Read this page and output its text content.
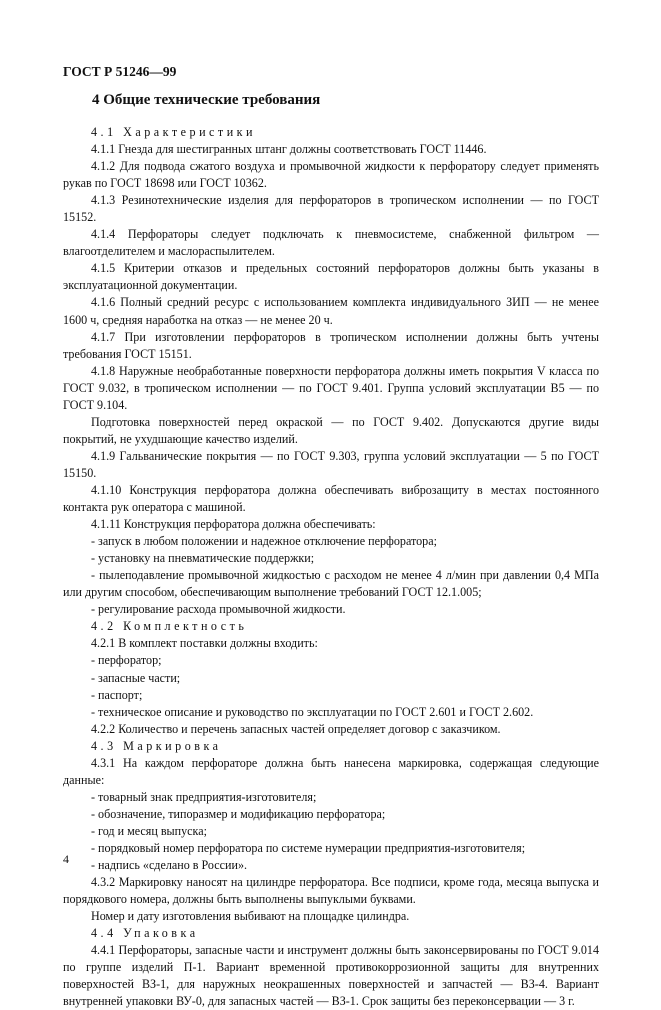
ГОСТ Р 51246—99
4 Общие технические требования

4.1 Характеристики

4.1.1 Гнезда для шестигранных штанг должны соответствовать ГОСТ 11446.

4.1.2 Для подвода сжатого воздуха и промывочной жидкости к перфоратору следует применять рукав по ГОСТ 18698 или ГОСТ 10362.

4.1.3 Резинотехнические изделия для перфораторов в тропическом исполнении — по ГОСТ 15152.

4.1.4 Перфораторы следует подключать к пневмосистеме, снабженной фильтром — влагоотделителем и маслораспылителем.

4.1.5 Критерии отказов и предельных состояний перфораторов должны быть указаны в эксплуатационной документации.

4.1.6 Полный средний ресурс с использованием комплекта индивидуального ЗИП — не менее 1600 ч, средняя наработка на отказ — не менее 20 ч.

4.1.7 При изготовлении перфораторов в тропическом исполнении должны быть учтены требования ГОСТ 15151.

4.1.8 Наружные необработанные поверхности перфоратора должны иметь покрытия V класса по ГОСТ 9.032, в тропическом исполнении — по ГОСТ 9.401. Группа условий эксплуатации В5 — по ГОСТ 9.104.

Подготовка поверхностей перед окраской — по ГОСТ 9.402. Допускаются другие виды покрытий, не ухудшающие качество изделий.

4.1.9 Гальванические покрытия — по ГОСТ 9.303, группа условий эксплуатации — 5 по ГОСТ 15150.

4.1.10 Конструкция перфоратора должна обеспечивать виброзащиту в местах постоянного контакта рук оператора с машиной.

4.1.11 Конструкция перфоратора должна обеспечивать:

- запуск в любом положении и надежное отключение перфоратора;

- установку на пневматические поддержки;

- пылеподавление промывочной жидкостью с расходом не менее 4 л/мин при давлении 0,4 МПа или другим способом, обеспечивающим выполнение требований ГОСТ 12.1.005;

- регулирование расхода промывочной жидкости.

4.2 Комплектность

4.2.1 В комплект поставки должны входить:

- перфоратор;

- запасные части;

- паспорт;

- техническое описание и руководство по эксплуатации по ГОСТ 2.601 и ГОСТ 2.602.

4.2.2 Количество и перечень запасных частей определяет договор с заказчиком.

4.3 Маркировка

4.3.1 На каждом перфораторе должна быть нанесена маркировка, содержащая следующие данные:

- товарный знак предприятия-изготовителя;

- обозначение, типоразмер и модификацию перфоратора;

- год и месяц выпуска;

- порядковый номер перфоратора по системе нумерации предприятия-изготовителя;

- надпись «сделано в России».

4.3.2 Маркировку наносят на цилиндре перфоратора. Все подписи, кроме года, месяца выпуска и порядкового номера, должны быть выполнены выпуклыми буквами.

Номер и дату изготовления выбивают на площадке цилиндра.

4.4 Упаковка

4.4.1 Перфораторы, запасные части и инструмент должны быть законсервированы по ГОСТ 9.014 по группе изделий П-1. Вариант временной противокоррозионной защиты для внутренних поверхностей ВЗ-1, для наружных неокрашенных поверхностей и запчастей — ВЗ-4. Вариант внутренней упаковки ВУ-0, для запасных частей — ВЗ-1. Срок защиты без переконсервации — 3 г.

4
